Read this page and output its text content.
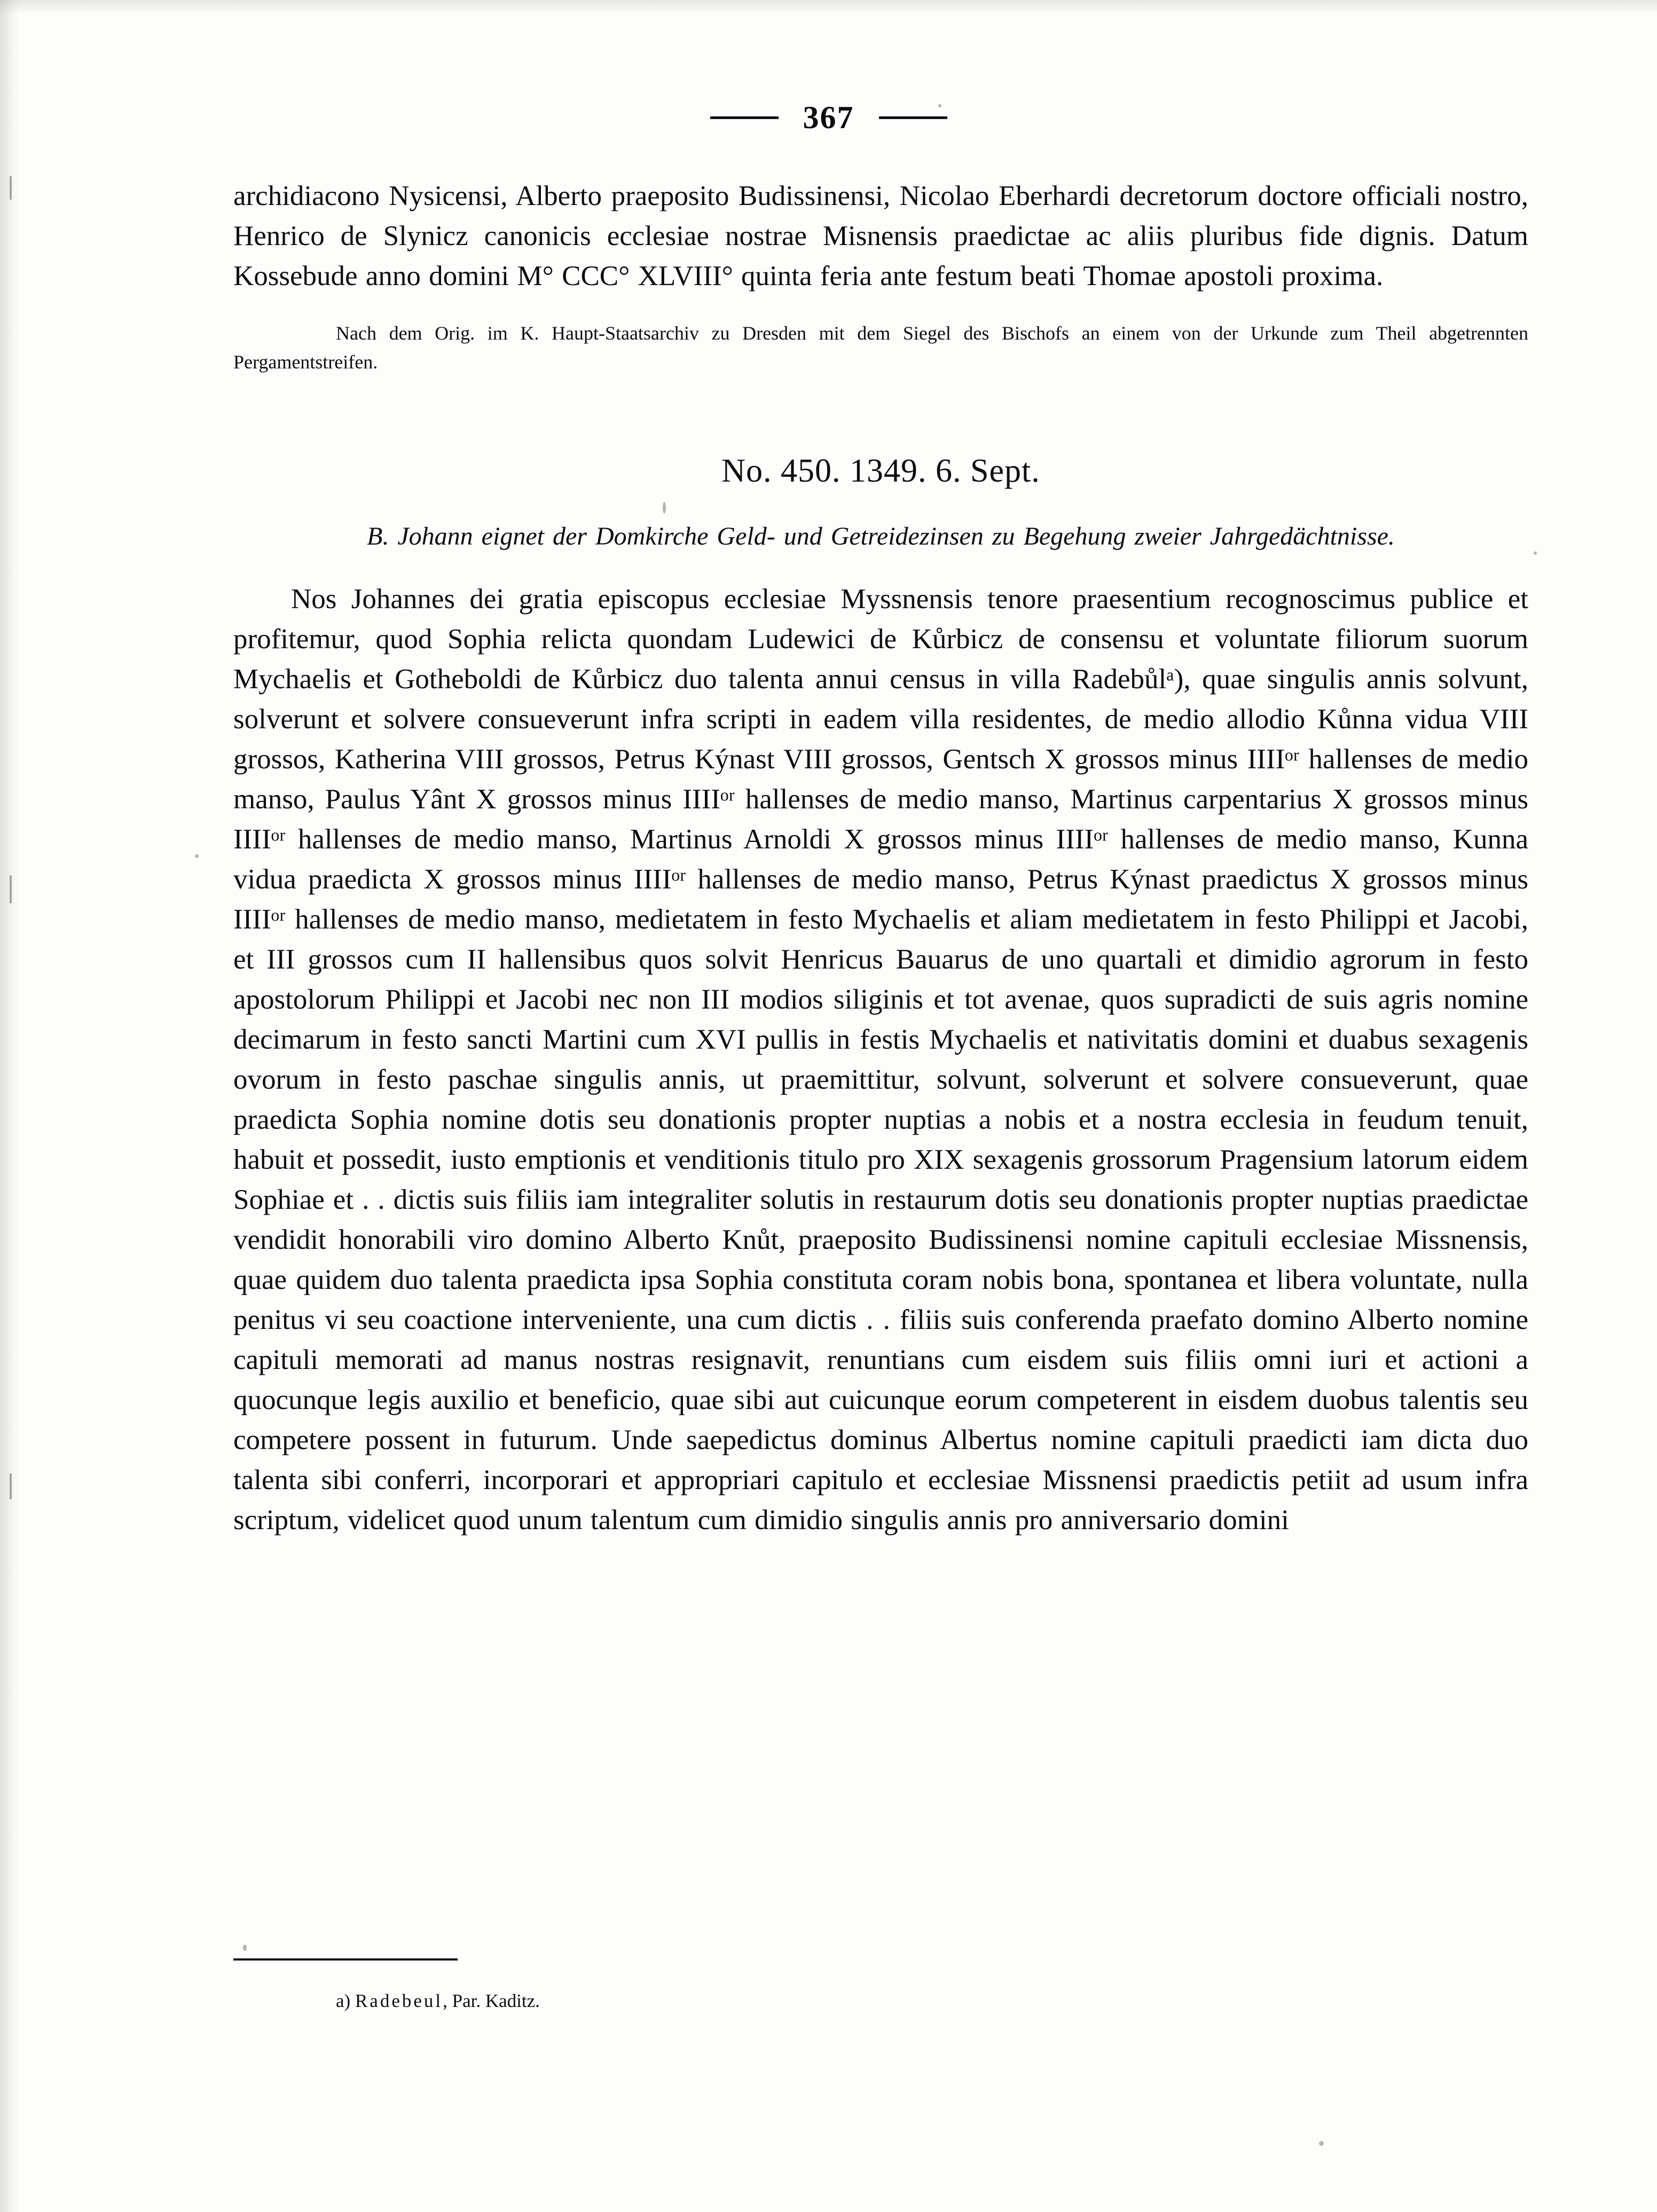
367

archidiacono Nysicensi, Alberto praeposito Budissinensi, Nicolao Eberhardi decretorum doctore officiali nostro, Henrico de Slynicz canonicis ecclesiae nostrae Misnensis praedictae ac aliis pluribus fide dignis. Datum Kossebude anno domini M° CCC° XLVIII° quinta feria ante festum beati Thomae apostoli proxima.

Nach dem Orig. im K. Haupt-Staatsarchiv zu Dresden mit dem Siegel des Bischofs an einem von der Urkunde zum Theil abgetrennten Pergamentstreifen.

No. 450. 1349. 6. Sept.

B. Johann eignet der Domkirche Geld- und Getreidezinsen zu Begehung zweier Jahrgedächtnisse.

Nos Johannes dei gratia episcopus ecclesiae Myssnensis tenore praesentium recognoscimus publice et profitemur, quod Sophia relicta quondam Ludewici de Kůrbicz de consensu et voluntate filiorum suorum Mychaelis et Gotheboldi de Kůrbicz duo talenta annui census in villa Radebůlᵃ), quae singulis annis solvunt, solverunt et solvere consueverunt infra scripti in eadem villa residentes, de medio allodio Kůnna vidua VIII grossos, Katherina VIII grossos, Petrus Kýnast VIII grossos, Gentsch X grossos minus IIIIᵒʳ hallenses de medio manso, Paulus Yânt X grossos minus IIIIᵒʳ hallenses de medio manso, Martinus carpentarius X grossos minus IIIIᵒʳ hallenses de medio manso, Martinus Arnoldi X grossos minus IIIIᵒʳ hallenses de medio manso, Kunna vidua praedicta X grossos minus IIIIᵒʳ hallenses de medio manso, Petrus Kýnast praedictus X grossos minus IIIIᵒʳ hallenses de medio manso, medietatem in festo Mychaelis et aliam medietatem in festo Philippi et Jacobi, et III grossos cum II hallensibus quos solvit Henricus Bauarus de uno quartali et dimidio agrorum in festo apostolorum Philippi et Jacobi nec non III modios siliginis et tot avenae, quos supradicti de suis agris nomine decimarum in festo sancti Martini cum XVI pullis in festis Mychaelis et nativitatis domini et duabus sexagenis ovorum in festo paschae singulis annis, ut praemittitur, solvunt, solverunt et solvere consueverunt, quae praedicta Sophia nomine dotis seu donationis propter nuptias a nobis et a nostra ecclesia in feudum tenuit, habuit et possedit, iusto emptionis et venditionis titulo pro XIX sexagenis grossorum Pragensium latorum eidem Sophiae et . . dictis suis filiis iam integraliter solutis in restaurum dotis seu donationis propter nuptias praedictae vendidit honorabili viro domino Alberto Knůt, praeposito Budissinensi nomine capituli ecclesiae Missnensis, quae quidem duo talenta praedicta ipsa Sophia constituta coram nobis bona, spontanea et libera voluntate, nulla penitus vi seu coactione interveniente, una cum dictis . . filiis suis conferenda praefato domino Alberto nomine capituli memorati ad manus nostras resignavit, renuntians cum eisdem suis filiis omni iuri et actioni a quocunque legis auxilio et beneficio, quae sibi aut cuicunque eorum competerent in eisdem duobus talentis seu competere possent in futurum. Unde saepedictus dominus Albertus nomine capituli praedicti iam dicta duo talenta sibi conferri, incorporari et appropriari capitulo et ecclesiae Missnensi praedictis petiit ad usum infra scriptum, videlicet quod unum talentum cum dimidio singulis annis pro anniversario domini

a) Radebeul, Par. Kaditz.
